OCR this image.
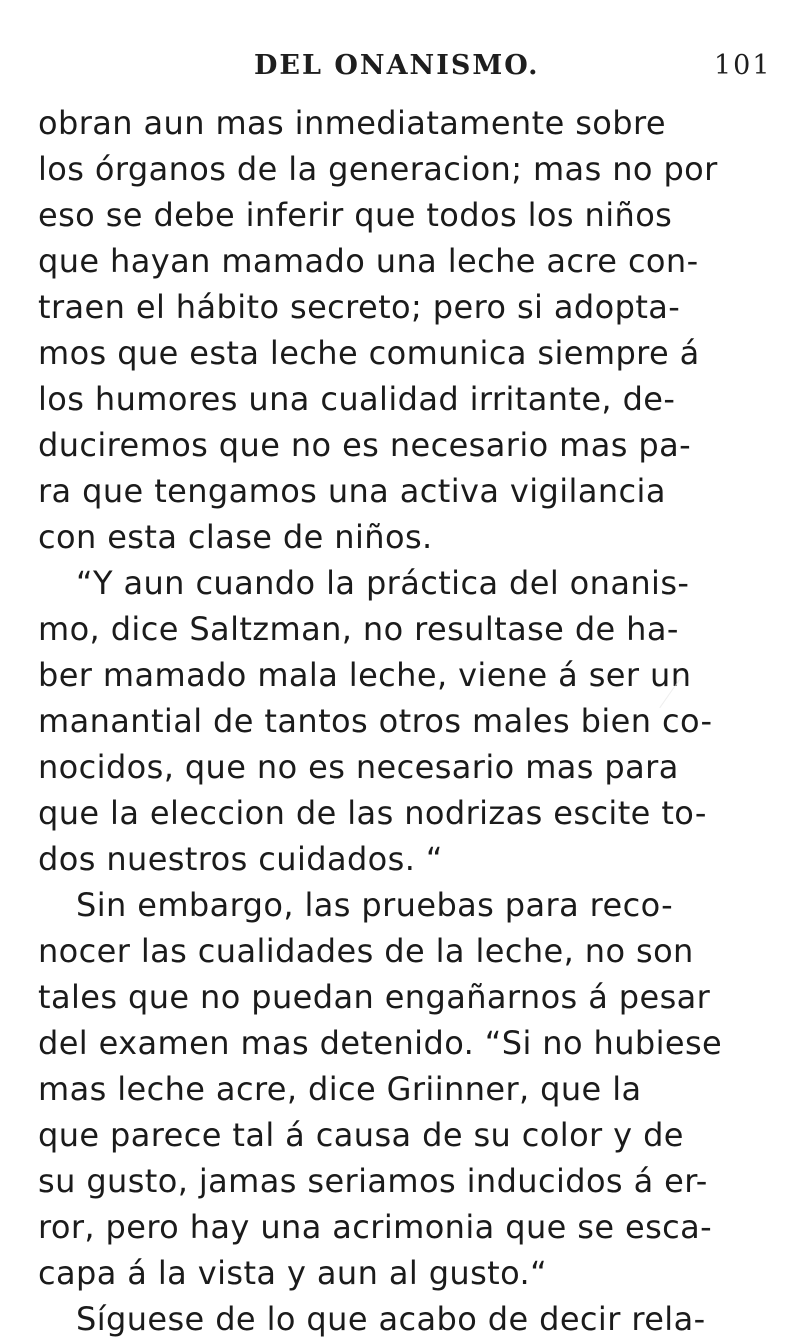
DEL ONANISMO.	101
obran aun mas inmediatamente sobre
los órganos de la generacion; mas no por
eso se debe inferir que todos los niños
que hayan mamado una leche acre con-
traen el hábito secreto; pero si adopta-
mos que esta leche comunica siempre á
los humores una cualidad irritante, de-
duciremos que no es necesario mas pa-
ra que tengamos una activa vigilancia
con esta clase de niños.
“Y aun cuando la práctica del onanis-
mo, dice Saltzman, no resultase de ha-
ber mamado mala leche, viene á ser un
manantial de tantos otros males bien co-
nocidos, que no es necesario mas para
que la eleccion de las nodrizas escite to-
dos nuestros cuidados. “
Sin embargo, las pruebas para reco-
nocer las cualidades de la leche, no son
tales que no puedan engañarnos á pesar
del examen mas detenido. “Si no hubiese
mas leche acre, dice Griinner, que la
que parece tal á causa de su color y de
su gusto, jamas seriamos inducidos á er-
ror, pero hay una acrimonia que se esca-
capa á la vista y aun al gusto.“
Síguese de lo que acabo de decir rela-
